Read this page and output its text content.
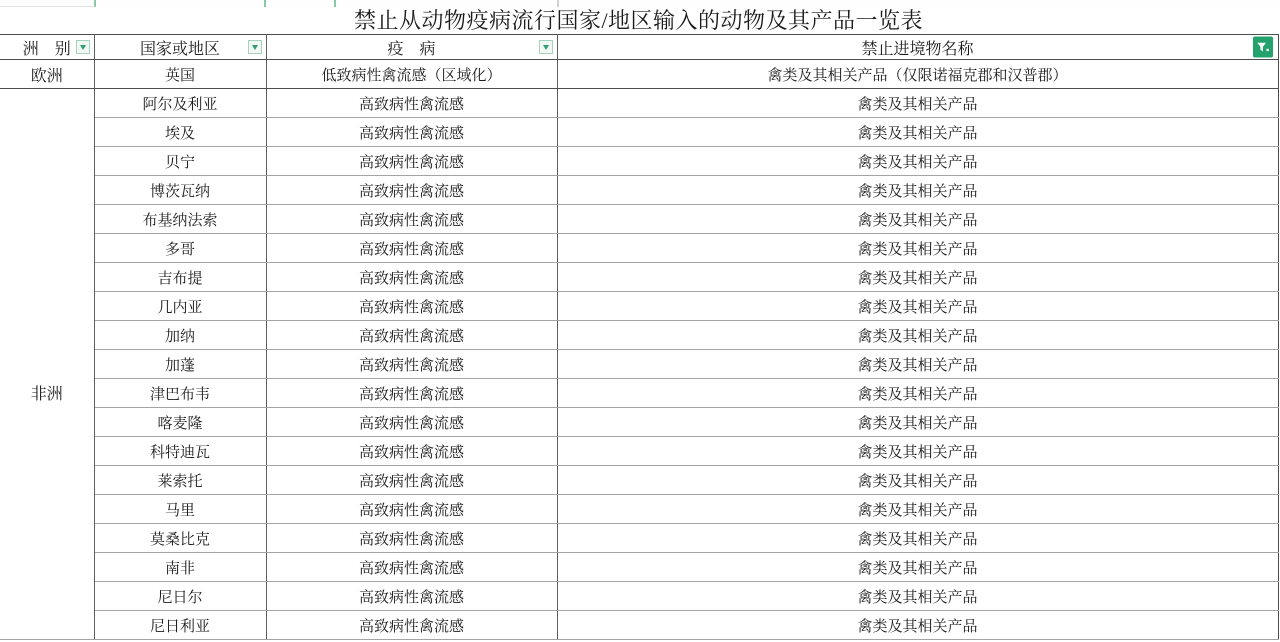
禁止从动物疫病流行国家/地区输入的动物及其产品一览表
洲　别	国家或地区	疫　病	禁止进境物名称

欧洲	英国	低致病性禽流感（区域化）	禽类及其相关产品（仅限诺福克郡和汉普郡）
非洲	阿尔及利亚	高致病性禽流感	禽类及其相关产品
	埃及	高致病性禽流感	禽类及其相关产品
	贝宁	高致病性禽流感	禽类及其相关产品
	博茨瓦纳	高致病性禽流感	禽类及其相关产品
	布基纳法索	高致病性禽流感	禽类及其相关产品
	多哥	高致病性禽流感	禽类及其相关产品
	吉布提	高致病性禽流感	禽类及其相关产品
	几内亚	高致病性禽流感	禽类及其相关产品
	加纳	高致病性禽流感	禽类及其相关产品
	加蓬	高致病性禽流感	禽类及其相关产品
	津巴布韦	高致病性禽流感	禽类及其相关产品
	喀麦隆	高致病性禽流感	禽类及其相关产品
	科特迪瓦	高致病性禽流感	禽类及其相关产品
	莱索托	高致病性禽流感	禽类及其相关产品
	马里	高致病性禽流感	禽类及其相关产品
	莫桑比克	高致病性禽流感	禽类及其相关产品
	南非	高致病性禽流感	禽类及其相关产品
	尼日尔	高致病性禽流感	禽类及其相关产品
	尼日利亚	高致病性禽流感	禽类及其相关产品
